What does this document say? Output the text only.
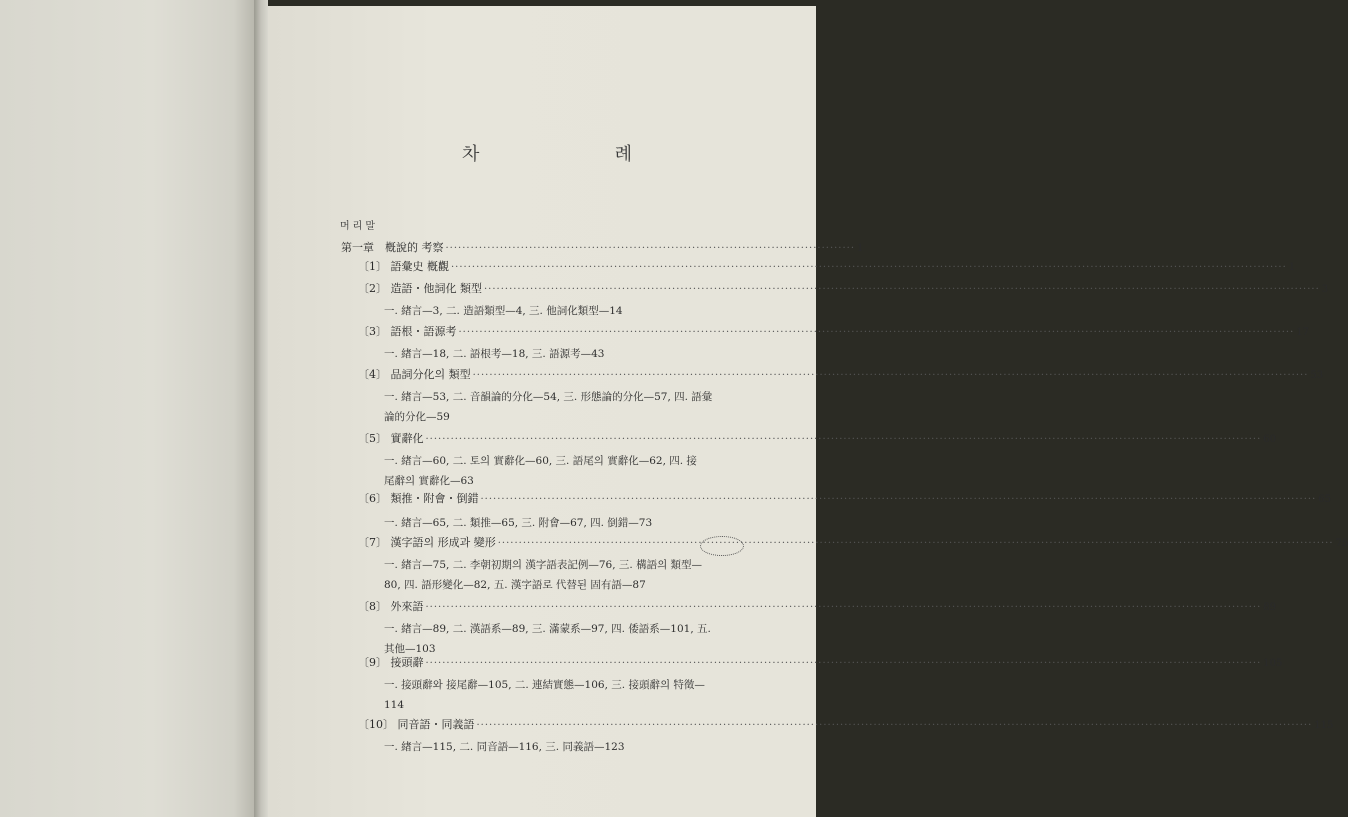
차	례
머리말
第一章　槪說的 考察 ·································································································· 1
〔1〕 語彙史 槪觀 ········································································································································································································ 1
〔2〕 造語・他詞化 類型 ········································································································································································································ 3
一. 緖言—3, 二. 造語類型—4, 三. 他詞化類型—14
〔3〕 語根・語源考 ········································································································································································································ 17
一. 緖言—18, 二. 語根考—18, 三. 語源考—43
〔4〕 品詞分化의 類型 ········································································································································································································ 53
一. 緖言—53, 二. 音韻論的分化—54, 三. 形態論的分化—57, 四. 語彙
論的分化—59
〔5〕 實辭化 ········································································································································································································ 60
一. 緖言—60, 二. 토의 實辭化—60, 三. 語尾의 實辭化—62, 四. 接
尾辭의 實辭化—63
〔6〕 類推・附會・倒錯 ········································································································································································································ 65
一. 緖言—65, 二. 類推—65, 三. 附會—67, 四. 倒錯—73
〔7〕 漢字語의 形成과 變形 ········································································································································································································ 75
一. 緖言—75, 二. 李朝初期의 漢字語表記例—76, 三. 構語의 類型—
80, 四. 語形變化—82, 五. 漢字語로 代替된 固有語—87
〔8〕 外來語 ········································································································································································································ 89
一. 緖言—89, 二. 漢語系—89, 三. 滿蒙系—97, 四. 倭語系—101, 五.
其他—103
〔9〕 接頭辭 ········································································································································································································ 105
一. 接頭辭와 接尾辭—105, 二. 連結實態—106, 三. 接頭辭의 特徵—
114
〔10〕 同音語・同義語 ········································································································································································································ 115
一. 緖言—115, 二. 同音語—116, 三. 同義語—123
